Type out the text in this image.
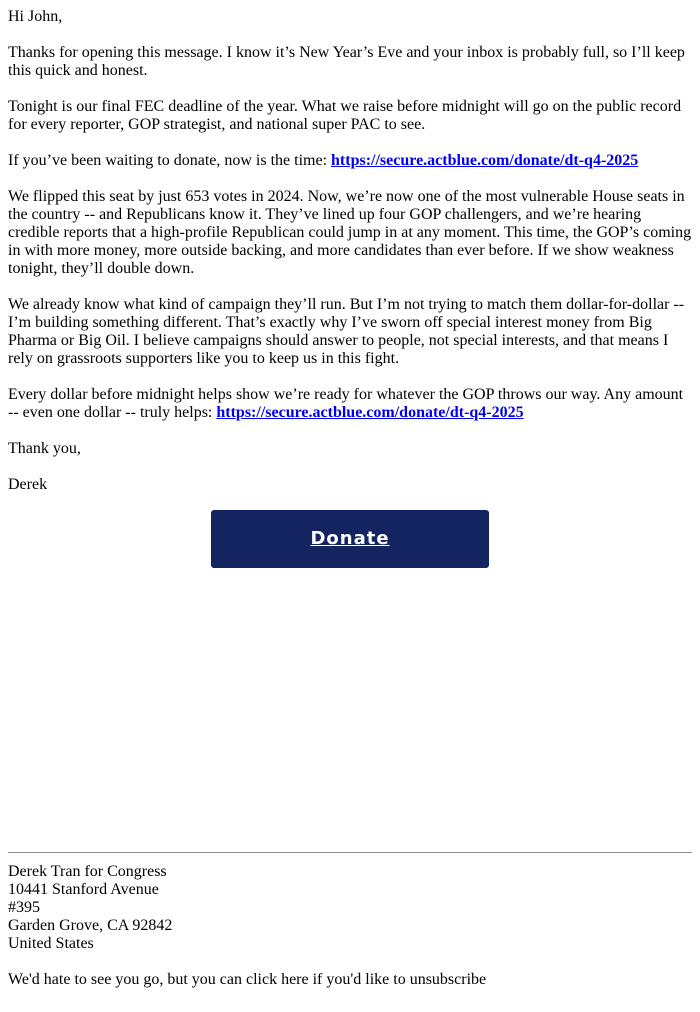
Hi John,

Thanks for opening this message. I know it’s New Year’s Eve and your inbox is probably full, so I’ll keep this quick and honest.

Tonight is our final FEC deadline of the year. What we raise before midnight will go on the public record for every reporter, GOP strategist, and national super PAC to see.

If you’ve been waiting to donate, now is the time: https://secure.actblue.com/donate/dt-q4-2025

We flipped this seat by just 653 votes in 2024. Now, we’re now one of the most vulnerable House seats in the country -- and Republicans know it. They’ve lined up four GOP challengers, and we’re hearing credible reports that a high-profile Republican could jump in at any moment. This time, the GOP’s coming in with more money, more outside backing, and more candidates than ever before. If we show weakness tonight, they’ll double down.

We already know what kind of campaign they’ll run. But I’m not trying to match them dollar-for-dollar -- I’m building something different. That’s exactly why I’ve sworn off special interest money from Big Pharma or Big Oil. I believe campaigns should answer to people, not special interests, and that means I rely on grassroots supporters like you to keep us in this fight.

Every dollar before midnight helps show we’re ready for whatever the GOP throws our way. Any amount -- even one dollar -- truly helps: https://secure.actblue.com/donate/dt-q4-2025

Thank you,

Derek

Donate
Derek Tran for Congress
10441 Stanford Avenue
#395
Garden Grove, CA 92842
United States
We'd hate to see you go, but you can click here if you'd like to unsubscribe
